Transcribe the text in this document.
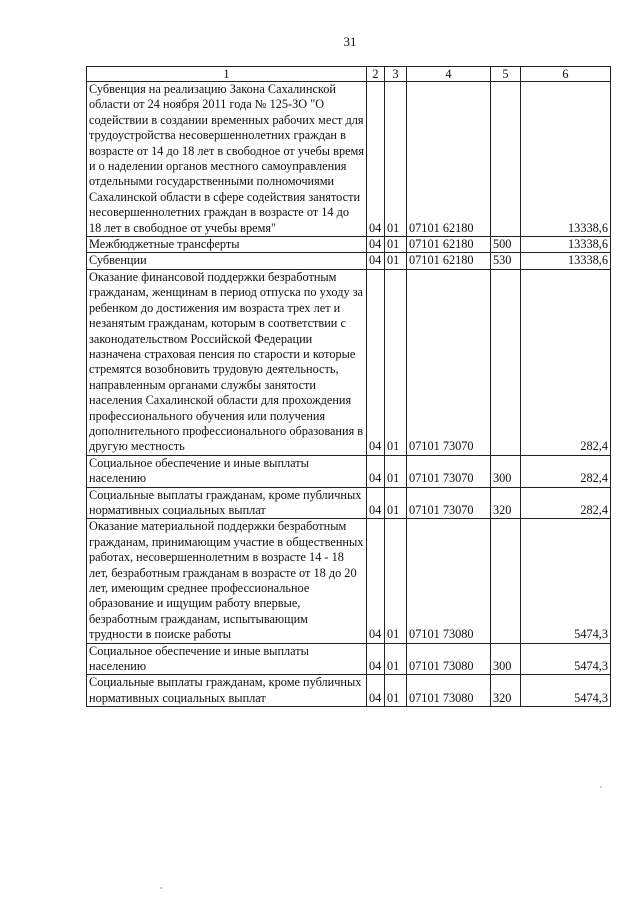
31
1	2	3	4	5	6
Субвенция на реализацию Закона Сахалинской области от 24 ноября 2011 года № 125-ЗО "О содействии в создании временных рабочих мест для трудоустройства несовершеннолетних граждан в возрасте от 14 до 18 лет в свободное от учебы время и о наделении органов местного самоуправления отдельными государственными полномочиями Сахалинской области в сфере содействия занятости несовершеннолетних граждан в возрасте от 14 до 18 лет в свободное от учебы время"	04	01	07101 62180		13338,6
Межбюджетные трансферты	04	01	07101 62180	500	13338,6
Субвенции	04	01	07101 62180	530	13338,6
Оказание финансовой поддержки безработным гражданам, женщинам в период отпуска по уходу за ребенком до достижения им возраста трех лет и незанятым гражданам, которым в соответствии с законодательством Российской Федерации назначена страховая пенсия по старости и которые стремятся возобновить трудовую деятельность, направленным органами службы занятости населения Сахалинской области для прохождения профессионального обучения или получения дополнительного профессионального образования в другую местность	04	01	07101 73070		282,4
Социальное обеспечение и иные выплаты населению	04	01	07101 73070	300	282,4
Социальные выплаты гражданам, кроме публичных нормативных социальных выплат	04	01	07101 73070	320	282,4
Оказание материальной поддержки безработным гражданам, принимающим участие в общественных работах, несовершеннолетним в возрасте 14 - 18 лет, безработным гражданам в возрасте от 18 до 20 лет, имеющим среднее профессиональное образование и ищущим работу впервые, безработным гражданам, испытывающим трудности в поиске работы	04	01	07101 73080		5474,3
Социальное обеспечение и иные выплаты населению	04	01	07101 73080	300	5474,3
Социальные выплаты гражданам, кроме публичных нормативных социальных выплат	04	01	07101 73080	320	5474,3
